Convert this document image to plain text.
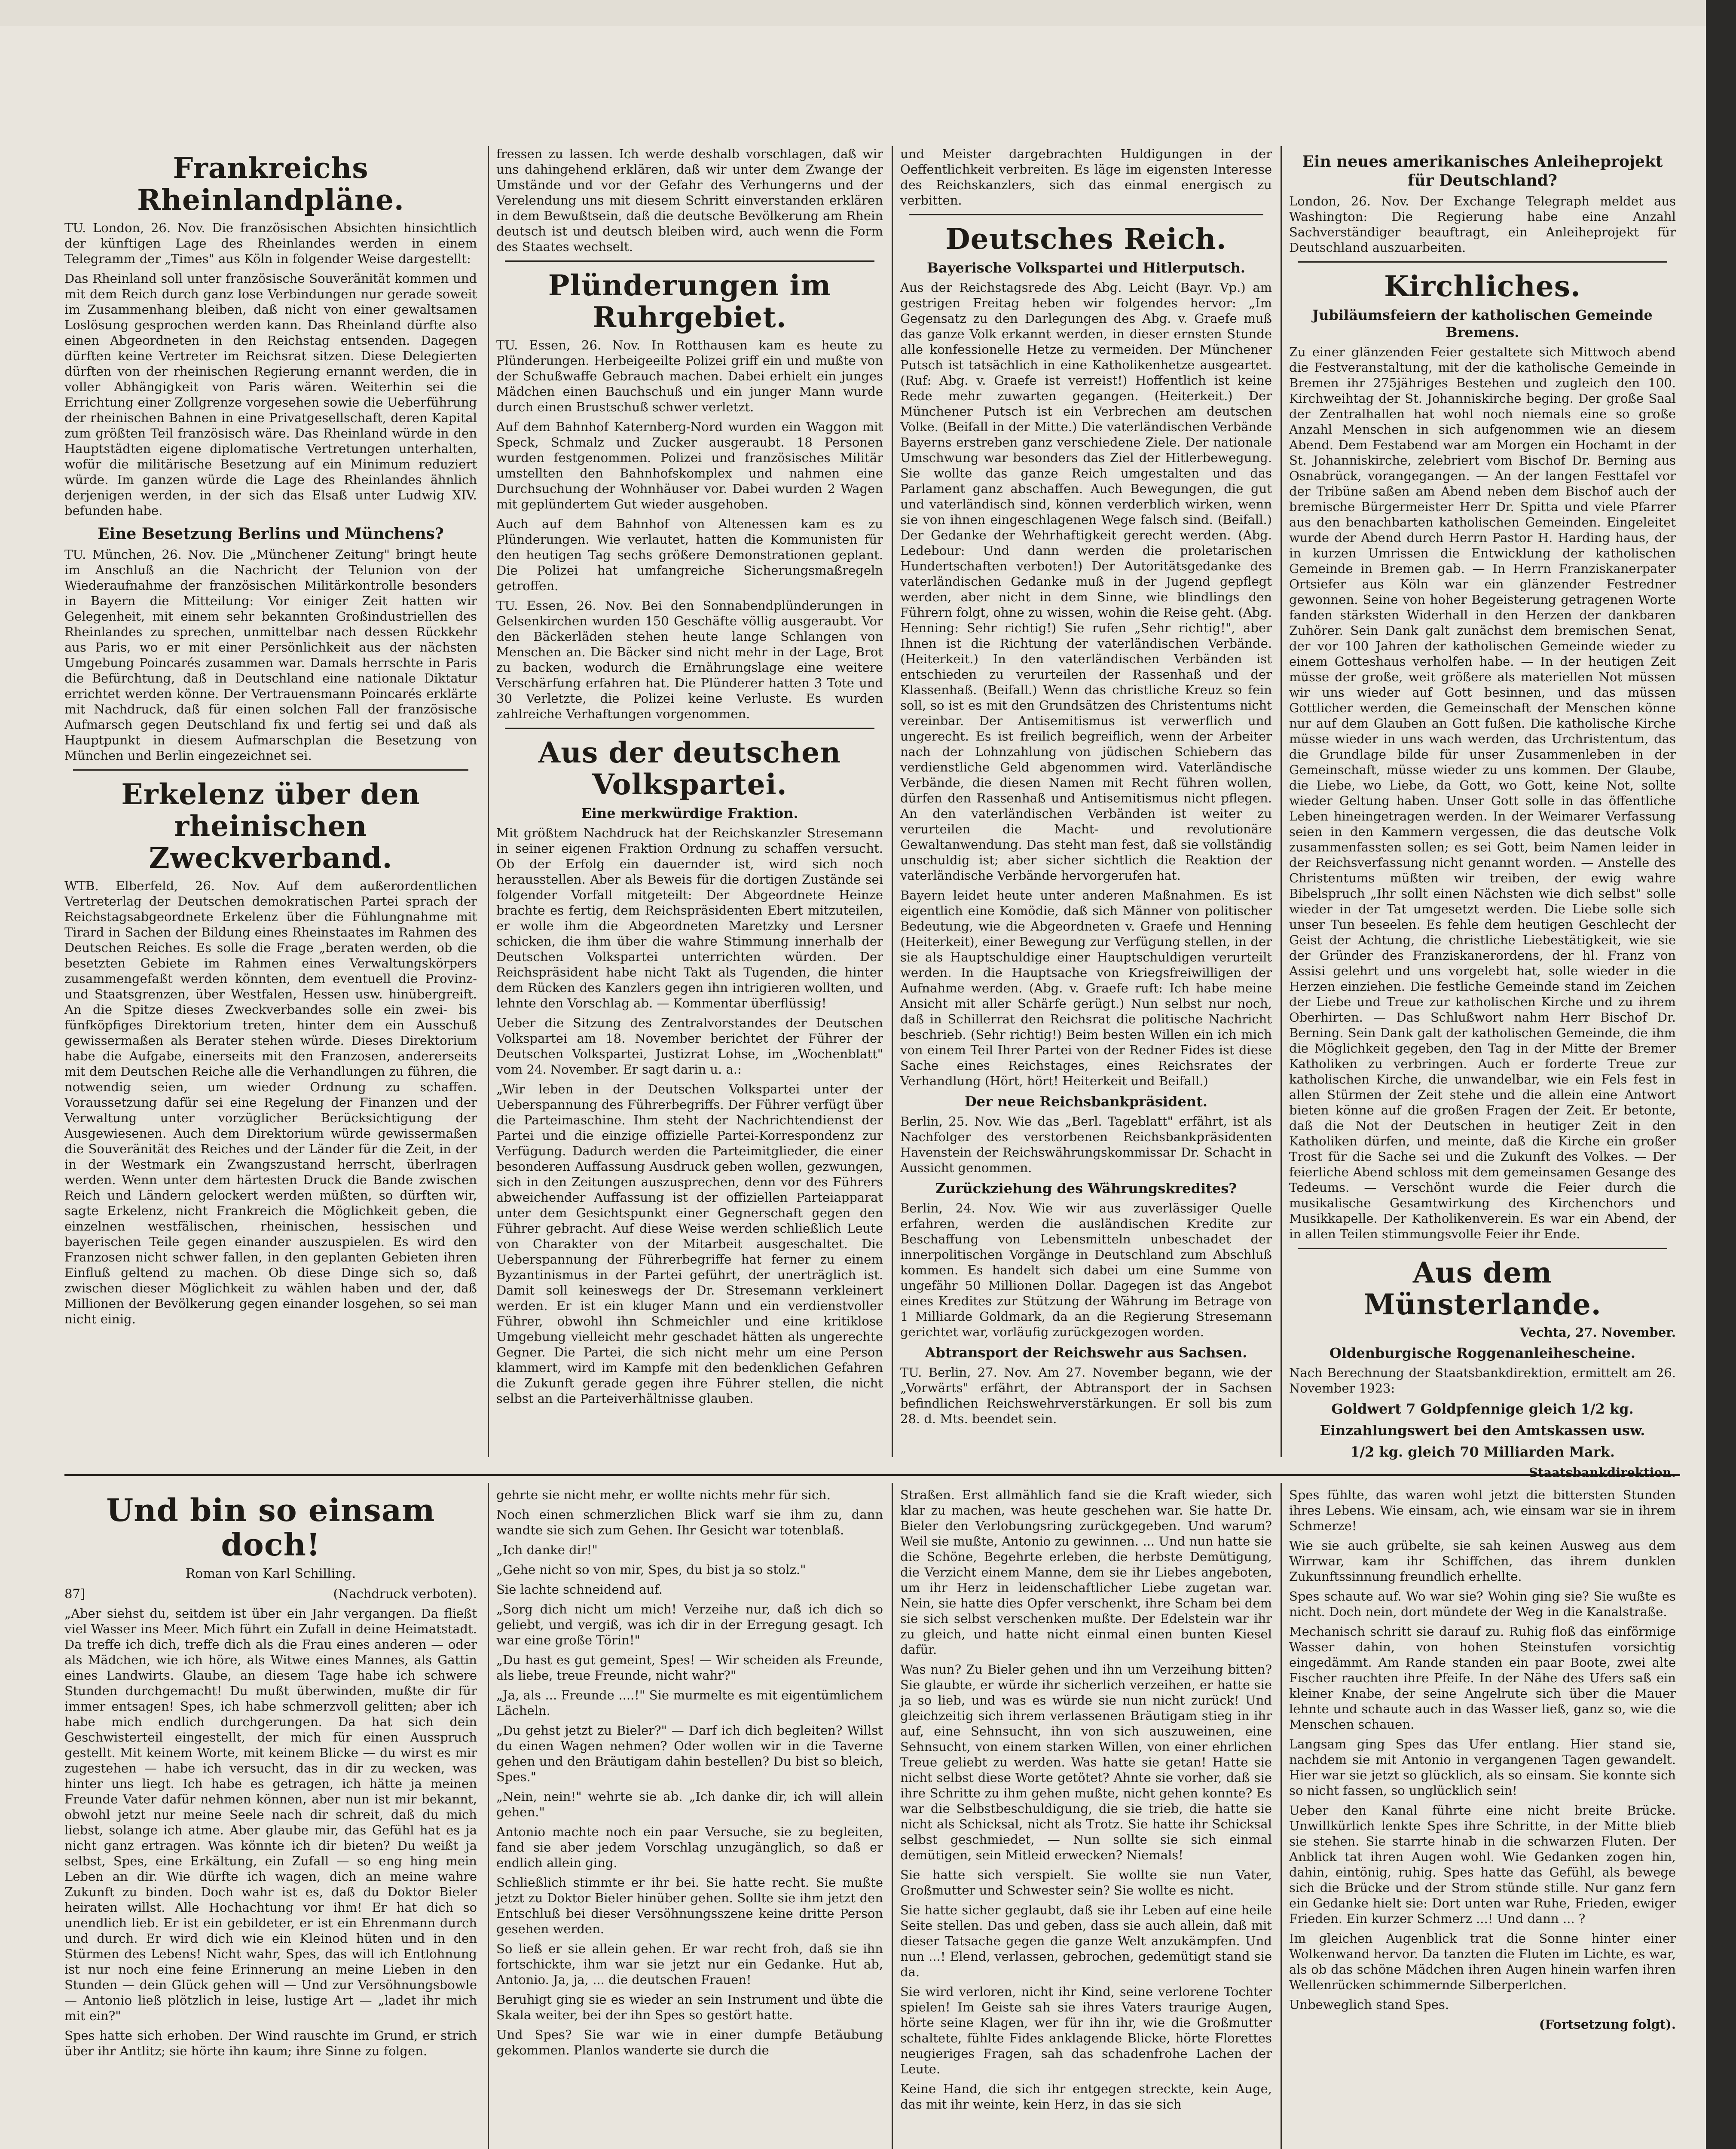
Frankreichs Rheinlandpläne.

TU. London, 26. Nov. Die französischen Absichten hinsichtlich der künftigen Lage des Rheinlandes werden in einem Telegramm der „Times" aus Köln in folgender Weise dargestellt:

Das Rheinland soll unter französische Souveränität kommen und mit dem Reich durch ganz lose Verbindungen nur gerade soweit im Zusammenhang bleiben, daß nicht von einer gewaltsamen Loslösung gesprochen werden kann. Das Rheinland dürfte also einen Abgeordneten in den Reichstag entsenden. Dagegen dürften keine Vertreter im Reichsrat sitzen. Diese Delegierten dürften von der rheinischen Regierung ernannt werden, die in voller Abhängigkeit von Paris wären. Weiterhin sei die Errichtung einer Zollgrenze vorgesehen sowie die Ueberführung der rheinischen Bahnen in eine Privatgesellschaft, deren Kapital zum größten Teil französisch wäre. Das Rheinland würde in den Hauptstädten eigene diplomatische Vertretungen unterhalten, wofür die militärische Besetzung auf ein Minimum reduziert würde. Im ganzen würde die Lage des Rheinlandes ähnlich derjenigen werden, in der sich das Elsaß unter Ludwig XIV. befunden habe.

Eine Besetzung Berlins und Münchens?

TU. München, 26. Nov. Die „Münchener Zeitung" bringt heute im Anschluß an die Nachricht der Telunion von der Wiederaufnahme der französischen Militärkontrolle besonders in Bayern die Mitteilung: Vor einiger Zeit hatten wir Gelegenheit, mit einem sehr bekannten Großindustriellen des Rheinlandes zu sprechen, unmittelbar nach dessen Rückkehr aus Paris, wo er mit einer Persönlichkeit aus der nächsten Umgebung Poincarés zusammen war. Damals herrschte in Paris die Befürchtung, daß in Deutschland eine nationale Diktatur errichtet werden könne. Der Vertrauensmann Poincarés erklärte mit Nachdruck, daß für einen solchen Fall der französische Aufmarsch gegen Deutschland fix und fertig sei und daß als Hauptpunkt in diesem Aufmarschplan die Besetzung von München und Berlin eingezeichnet sei.

Erkelenz über den rheinischen Zweckverband.

WTB. Elberfeld, 26. Nov. Auf dem außerordentlichen Vertreterlag der Deutschen demokratischen Partei sprach der Reichstagsabgeordnete Erkelenz über die Fühlungnahme mit Tirard in Sachen der Bildung eines Rheinstaates im Rahmen des Deutschen Reiches. Es solle die Frage „beraten werden, ob die besetzten Gebiete im Rahmen eines Verwaltungskörpers zusammengefaßt werden könnten, dem eventuell die Provinz- und Staatsgrenzen, über Westfalen, Hessen usw. hinübergreift. An die Spitze dieses Zweckverbandes solle ein zwei- bis fünfköpfiges Direktorium treten, hinter dem ein Ausschuß gewissermaßen als Berater stehen würde. Dieses Direktorium habe die Aufgabe, einerseits mit den Franzosen, andererseits mit dem Deutschen Reiche alle die Verhandlungen zu führen, die notwendig seien, um wieder Ordnung zu schaffen. Voraussetzung dafür sei eine Regelung der Finanzen und der Verwaltung unter vorzüglicher Berücksichtigung der Ausgewiesenen. Auch dem Direktorium würde gewissermaßen die Souveränität des Reiches und der Länder für die Zeit, in der in der Westmark ein Zwangszustand herrscht, überlragen werden. Wenn unter dem härtesten Druck die Bande zwischen Reich und Ländern gelockert werden müßten, so dürften wir, sagte Erkelenz, nicht Frankreich die Möglichkeit geben, die einzelnen westfälischen, rheinischen, hessischen und bayerischen Teile gegen einander auszuspielen. Es wird den Franzosen nicht schwer fallen, in den geplanten Gebieten ihren Einfluß geltend zu machen. Ob diese Dinge sich so, daß zwischen dieser Möglichkeit zu wählen haben und der, daß Millionen der Bevölkerung gegen einander losgehen, so sei man nicht einig.

fressen zu lassen. Ich werde deshalb vorschlagen, daß wir uns dahingehend erklären, daß wir unter dem Zwange der Umstände und vor der Gefahr des Verhungerns und der Verelendung uns mit diesem Schritt einverstanden erklären in dem Bewußtsein, daß die deutsche Bevölkerung am Rhein deutsch ist und deutsch bleiben wird, auch wenn die Form des Staates wechselt.

Plünderungen im Ruhrgebiet.

TU. Essen, 26. Nov. In Rotthausen kam es heute zu Plünderungen. Herbeigeeilte Polizei griff ein und mußte von der Schußwaffe Gebrauch machen. Dabei erhielt ein junges Mädchen einen Bauchschuß und ein junger Mann wurde durch einen Brustschuß schwer verletzt.

Auf dem Bahnhof Katernberg-Nord wurden ein Waggon mit Speck, Schmalz und Zucker ausgeraubt. 18 Personen wurden festgenommen. Polizei und französisches Militär umstellten den Bahnhofskomplex und nahmen eine Durchsuchung der Wohnhäuser vor. Dabei wurden 2 Wagen mit geplündertem Gut wieder ausgehoben.

Auch auf dem Bahnhof von Altenessen kam es zu Plünderungen. Wie verlautet, hatten die Kommunisten für den heutigen Tag sechs größere Demonstrationen geplant. Die Polizei hat umfangreiche Sicherungsmaßregeln getroffen.

TU. Essen, 26. Nov. Bei den Sonnabendplünderungen in Gelsenkirchen wurden 150 Geschäfte völlig ausgeraubt. Vor den Bäckerläden stehen heute lange Schlangen von Menschen an. Die Bäcker sind nicht mehr in der Lage, Brot zu backen, wodurch die Ernährungslage eine weitere Verschärfung erfahren hat. Die Plünderer hatten 3 Tote und 30 Verletzte, die Polizei keine Verluste. Es wurden zahlreiche Verhaftungen vorgenommen.

Aus der deutschen Volkspartei.
Eine merkwürdige Fraktion.

Mit größtem Nachdruck hat der Reichskanzler Stresemann in seiner eigenen Fraktion Ordnung zu schaffen versucht. Ob der Erfolg ein dauernder ist, wird sich noch herausstellen. Aber als Beweis für die dortigen Zustände sei folgender Vorfall mitgeteilt: Der Abgeordnete Heinze brachte es fertig, dem Reichspräsidenten Ebert mitzuteilen, er wolle ihm die Abgeordneten Maretzky und Lersner schicken, die ihm über die wahre Stimmung innerhalb der Deutschen Volkspartei unterrichten würden. Der Reichspräsident habe nicht Takt als Tugenden, die hinter dem Rücken des Kanzlers gegen ihn intrigieren wollten, und lehnte den Vorschlag ab. — Kommentar überflüssig!

Ueber die Sitzung des Zentralvorstandes der Deutschen Volkspartei am 18. November berichtet der Führer der Deutschen Volkspartei, Justizrat Lohse, im „Wochenblatt" vom 24. November. Er sagt darin u. a.:

„Wir leben in der Deutschen Volkspartei unter der Ueberspannung des Führerbegriffs. Der Führer verfügt über die Parteimaschine. Ihm steht der Nachrichtendienst der Partei und die einzige offizielle Partei-Korrespondenz zur Verfügung. Dadurch werden die Parteimitglieder, die einer besonderen Auffassung Ausdruck geben wollen, gezwungen, sich in den Zeitungen auszusprechen, denn vor des Führers abweichender Auffassung ist der offiziellen Parteiapparat unter dem Gesichtspunkt einer Gegnerschaft gegen den Führer gebracht. Auf diese Weise werden schließlich Leute von Charakter von der Mitarbeit ausgeschaltet. Die Ueberspannung der Führerbegriffe hat ferner zu einem Byzantinismus in der Partei geführt, der unerträglich ist. Damit soll keineswegs der Dr. Stresemann verkleinert werden. Er ist ein kluger Mann und ein verdienstvoller Führer, obwohl ihn Schmeichler und eine kritiklose Umgebung vielleicht mehr geschadet hätten als ungerechte Gegner. Die Partei, die sich nicht mehr um eine Person klammert, wird im Kampfe mit den bedenklichen Gefahren die Zukunft gerade gegen ihre Führer stellen, die nicht selbst an die Parteiverhältnisse glauben.

und Meister dargebrachten Huldigungen in der Oeffentlichkeit verbreiten. Es läge im eigensten Interesse des Reichskanzlers, sich das einmal energisch zu verbitten.

Deutsches Reich.
Bayerische Volkspartei und Hitlerputsch.

Aus der Reichstagsrede des Abg. Leicht (Bayr. Vp.) am gestrigen Freitag heben wir folgendes hervor: „Im Gegensatz zu den Darlegungen des Abg. v. Graefe muß das ganze Volk erkannt werden, in dieser ernsten Stunde alle konfessionelle Hetze zu vermeiden. Der Münchener Putsch ist tatsächlich in eine Katholikenhetze ausgeartet. (Ruf: Abg. v. Graefe ist verreist!) Hoffentlich ist keine Rede mehr zuwarten gegangen. (Heiterkeit.) Der Münchener Putsch ist ein Verbrechen am deutschen Volke. (Beifall in der Mitte.) Die vaterländischen Verbände Bayerns erstreben ganz verschiedene Ziele. Der nationale Umschwung war besonders das Ziel der Hitlerbewegung. Sie wollte das ganze Reich umgestalten und das Parlament ganz abschaffen. Auch Bewegungen, die gut und vaterländisch sind, können verderblich wirken, wenn sie von ihnen eingeschlagenen Wege falsch sind. (Beifall.) Der Gedanke der Wehrhaftigkeit gerecht werden. (Abg. Ledebour: Und dann werden die proletarischen Hundertschaften verboten!) Der Autoritätsgedanke des vaterländischen Gedanke muß in der Jugend gepflegt werden, aber nicht in dem Sinne, wie blindlings den Führern folgt, ohne zu wissen, wohin die Reise geht. (Abg. Henning: Sehr richtig!) Sie rufen „Sehr richtig!", aber Ihnen ist die Richtung der vaterländischen Verbände. (Heiterkeit.) In den vaterländischen Verbänden ist entschieden zu verurteilen der Rassenhaß und der Klassenhaß. (Beifall.) Wenn das christliche Kreuz so fein soll, so ist es mit den Grundsätzen des Christentums nicht vereinbar. Der Antisemitismus ist verwerflich und ungerecht. Es ist freilich begreiflich, wenn der Arbeiter nach der Lohnzahlung von jüdischen Schiebern das verdienstliche Geld abgenommen wird. Vaterländische Verbände, die diesen Namen mit Recht führen wollen, dürfen den Rassenhaß und Antisemitismus nicht pflegen. An den vaterländischen Verbänden ist weiter zu verurteilen die Macht- und revolutionäre Gewaltanwendung. Das steht man fest, daß sie vollständig unschuldig ist; aber sicher sichtlich die Reaktion der vaterländische Verbände hervorgerufen hat.

Bayern leidet heute unter anderen Maßnahmen. Es ist eigentlich eine Komödie, daß sich Männer von politischer Bedeutung, wie die Abgeordneten v. Graefe und Henning (Heiterkeit), einer Bewegung zur Verfügung stellen, in der sie als Hauptschuldige einer Hauptschuldigen verurteilt werden. In die Hauptsache von Kriegsfreiwilligen der Aufnahme werden. (Abg. v. Graefe ruft: Ich habe meine Ansicht mit aller Schärfe gerügt.) Nun selbst nur noch, daß in Schillerrat den Reichsrat die politische Nachricht beschrieb. (Sehr richtig!) Beim besten Willen ein ich mich von einem Teil Ihrer Partei von der Redner Fides ist diese Sache eines Reichstages, eines Reichsrates der Verhandlung (Hört, hört! Heiterkeit und Beifall.)

Der neue Reichsbankpräsident.

Berlin, 25. Nov. Wie das „Berl. Tageblatt" erfährt, ist als Nachfolger des verstorbenen Reichsbankpräsidenten Havenstein der Reichswährungskommissar Dr. Schacht in Aussicht genommen.

Zurückziehung des Währungskredites?

Berlin, 24. Nov. Wie wir aus zuverlässiger Quelle erfahren, werden die ausländischen Kredite zur Beschaffung von Lebensmitteln unbeschadet der innerpolitischen Vorgänge in Deutschland zum Abschluß kommen. Es handelt sich dabei um eine Summe von ungefähr 50 Millionen Dollar. Dagegen ist das Angebot eines Kredites zur Stützung der Währung im Betrage von 1 Milliarde Goldmark, da an die Regierung Stresemann gerichtet war, vorläufig zurückgezogen worden.

Abtransport der Reichswehr aus Sachsen.

TU. Berlin, 27. Nov. Am 27. November begann, wie der „Vorwärts" erfährt, der Abtransport der in Sachsen befindlichen Reichswehrverstärkungen. Er soll bis zum 28. d. Mts. beendet sein.

Ein neues amerikanisches Anleiheprojekt für Deutschland?

London, 26. Nov. Der Exchange Telegraph meldet aus Washington: Die Regierung habe eine Anzahl Sachverständiger beauftragt, ein Anleiheprojekt für Deutschland auszuarbeiten.

Kirchliches.
Jubiläumsfeiern der katholischen Gemeinde Bremens.

Zu einer glänzenden Feier gestaltete sich Mittwoch abend die Festveranstaltung, mit der die katholische Gemeinde in Bremen ihr 275jähriges Bestehen und zugleich den 100. Kirchweihtag der St. Johanniskirche beging. Der große Saal der Zentralhallen hat wohl noch niemals eine so große Anzahl Menschen in sich aufgenommen wie an diesem Abend. Dem Festabend war am Morgen ein Hochamt in der St. Johanniskirche, zelebriert vom Bischof Dr. Berning aus Osnabrück, vorangegangen. — An der langen Festtafel vor der Tribüne saßen am Abend neben dem Bischof auch der bremische Bürgermeister Herr Dr. Spitta und viele Pfarrer aus den benachbarten katholischen Gemeinden. Eingeleitet wurde der Abend durch Herrn Pastor H. Harding haus, der in kurzen Umrissen die Entwicklung der katholischen Gemeinde in Bremen gab. — In Herrn Franziskanerpater Ortsiefer aus Köln war ein glänzender Festredner gewonnen. Seine von hoher Begeisterung getragenen Worte fanden stärksten Widerhall in den Herzen der dankbaren Zuhörer. Sein Dank galt zunächst dem bremischen Senat, der vor 100 Jahren der katholischen Gemeinde wieder zu einem Gotteshaus verholfen habe. — In der heutigen Zeit müsse der große, weit größere als materiellen Not müssen wir uns wieder auf Gott besinnen, und das müssen Gottlicher werden, die Gemeinschaft der Menschen könne nur auf dem Glauben an Gott fußen. Die katholische Kirche müsse wieder in uns wach werden, das Urchristentum, das die Grundlage bilde für unser Zusammenleben in der Gemeinschaft, müsse wieder zu uns kommen. Der Glaube, die Liebe, wo Liebe, da Gott, wo Gott, keine Not, sollte wieder Geltung haben. Unser Gott solle in das öffentliche Leben hineingetragen werden. In der Weimarer Verfassung seien in den Kammern vergessen, die das deutsche Volk zusammenfassten sollen; es sei Gott, beim Namen leider in der Reichsverfassung nicht genannt worden. — Anstelle des Christentums müßten wir treiben, der ewig wahre Bibelspruch „Ihr sollt einen Nächsten wie dich selbst" solle wieder in der Tat umgesetzt werden. Die Liebe solle sich unser Tun beseelen. Es fehle dem heutigen Geschlecht der Geist der Achtung, die christliche Liebestätigkeit, wie sie der Gründer des Franziskanerordens, der hl. Franz von Assisi gelehrt und uns vorgelebt hat, solle wieder in die Herzen einziehen. Die festliche Gemeinde stand im Zeichen der Liebe und Treue zur katholischen Kirche und zu ihrem Oberhirten. — Das Schlußwort nahm Herr Bischof Dr. Berning. Sein Dank galt der katholischen Gemeinde, die ihm die Möglichkeit gegeben, den Tag in der Mitte der Bremer Katholiken zu verbringen. Auch er forderte Treue zur katholischen Kirche, die unwandelbar, wie ein Fels fest in allen Stürmen der Zeit stehe und die allein eine Antwort bieten könne auf die großen Fragen der Zeit. Er betonte, daß die Not der Deutschen in heutiger Zeit in den Katholiken dürfen, und meinte, daß die Kirche ein großer Trost für die Sache sei und die Zukunft des Volkes. — Der feierliche Abend schloss mit dem gemeinsamen Gesange des Tedeums. — Verschönt wurde die Feier durch die musikalische Gesamtwirkung des Kirchenchors und Musikkapelle. Der Katholikenverein. Es war ein Abend, der in allen Teilen stimmungsvolle Feier ihr Ende.

Aus dem Münsterlande.

Vechta, 27. November.

Oldenburgische Roggenanleihescheine.

Nach Berechnung der Staatsbankdirektion, ermittelt am 26. November 1923:

Goldwert 7 Goldpfennige gleich 1/2 kg.

Einzahlungswert bei den Amtskassen usw.

1/2 kg. gleich 70 Milliarden Mark.

Staatsbankdirektion.

Und bin so einsam doch!

Roman von Karl Schilling.

87]	(Nachdruck verboten).

„Aber siehst du, seitdem ist über ein Jahr vergangen. Da fließt viel Wasser ins Meer. Mich führt ein Zufall in deine Heimatstadt. Da treffe ich dich, treffe dich als die Frau eines anderen — oder als Mädchen, wie ich höre, als Witwe eines Mannes, als Gattin eines Landwirts. Glaube, an diesem Tage habe ich schwere Stunden durchgemacht! Du mußt überwinden, mußte dir für immer entsagen! Spes, ich habe schmerzvoll gelitten; aber ich habe mich endlich durchgerungen. Da hat sich dein Geschwisterteil eingestellt, der mich für einen Ausspruch gestellt. Mit keinem Worte, mit keinem Blicke — du wirst es mir zugestehen — habe ich versucht, das in dir zu wecken, was hinter uns liegt. Ich habe es getragen, ich hätte ja meinen Freunde Vater dafür nehmen können, aber nun ist mir bekannt, obwohl jetzt nur meine Seele nach dir schreit, daß du mich liebst, solange ich atme. Aber glaube mir, das Gefühl hat es ja nicht ganz ertragen. Was könnte ich dir bieten? Du weißt ja selbst, Spes, eine Erkältung, ein Zufall — so eng hing mein Leben an dir. Wie dürfte ich wagen, dich an meine wahre Zukunft zu binden. Doch wahr ist es, daß du Doktor Bieler heiraten willst. Alle Hochachtung vor ihm! Er hat dich so unendlich lieb. Er ist ein gebildeter, er ist ein Ehrenmann durch und durch. Er wird dich wie ein Kleinod hüten und in den Stürmen des Lebens! Nicht wahr, Spes, das will ich Entlohnung ist nur noch eine feine Erinnerung an meine Lieben in den Stunden — dein Glück gehen will — Und zur Versöhnungsbowle — Antonio ließ plötzlich in leise, lustige Art — „ladet ihr mich mit ein?"

Spes hatte sich erhoben. Der Wind rauschte im Grund, er strich über ihr Antlitz; sie hörte ihn kaum; ihre Sinne zu folgen.

gehrte sie nicht mehr, er wollte nichts mehr für sich.

Noch einen schmerzlichen Blick warf sie ihm zu, dann wandte sie sich zum Gehen. Ihr Gesicht war totenblaß.

„Ich danke dir!"

„Gehe nicht so von mir, Spes, du bist ja so stolz."

Sie lachte schneidend auf.

„Sorg dich nicht um mich! Verzeihe nur, daß ich dich so geliebt, und vergiß, was ich dir in der Erregung gesagt. Ich war eine große Törin!"

„Du hast es gut gemeint, Spes! — Wir scheiden als Freunde, als liebe, treue Freunde, nicht wahr?"

„Ja, als ... Freunde ....!" Sie murmelte es mit eigentümlichem Lächeln.

„Du gehst jetzt zu Bieler?" — Darf ich dich begleiten? Willst du einen Wagen nehmen? Oder wollen wir in die Taverne gehen und den Bräutigam dahin bestellen? Du bist so bleich, Spes."

„Nein, nein!" wehrte sie ab. „Ich danke dir, ich will allein gehen."

Antonio machte noch ein paar Versuche, sie zu begleiten, fand sie aber jedem Vorschlag unzugänglich, so daß er endlich allein ging.

Schließlich stimmte er ihr bei. Sie hatte recht. Sie mußte jetzt zu Doktor Bieler hinüber gehen. Sollte sie ihm jetzt den Entschluß bei dieser Versöhnungsszene keine dritte Person gesehen werden.

So ließ er sie allein gehen. Er war recht froh, daß sie ihn fortschickte, ihm war sie jetzt nur ein Gedanke. Hut ab, Antonio. Ja, ja, ... die deutschen Frauen!

Beruhigt ging sie es wieder an sein Instrument und übte die Skala weiter, bei der ihn Spes so gestört hatte.

Und Spes? Sie war wie in einer dumpfe Betäubung gekommen. Planlos wanderte sie durch die

Straßen. Erst allmählich fand sie die Kraft wieder, sich klar zu machen, was heute geschehen war. Sie hatte Dr. Bieler den Verlobungsring zurückgegeben. Und warum? Weil sie mußte, Antonio zu gewinnen. ... Und nun hatte sie die Schöne, Begehrte erleben, die herbste Demütigung, die Verzicht einem Manne, dem sie ihr Liebes angeboten, um ihr Herz in leidenschaftlicher Liebe zugetan war. Nein, sie hatte dies Opfer verschenkt, ihre Scham bei dem sie sich selbst verschenken mußte. Der Edelstein war ihr zu gleich, und hatte nicht einmal einen bunten Kiesel dafür.

Was nun? Zu Bieler gehen und ihn um Verzeihung bitten? Sie glaubte, er würde ihr sicherlich verzeihen, er hatte sie ja so lieb, und was es würde sie nun nicht zurück! Und gleichzeitig sich ihrem verlassenen Bräutigam stieg in ihr auf, eine Sehnsucht, ihn von sich auszuweinen, eine Sehnsucht, von einem starken Willen, von einer ehrlichen Treue geliebt zu werden. Was hatte sie getan! Hatte sie nicht selbst diese Worte getötet? Ahnte sie vorher, daß sie ihre Schritte zu ihm gehen mußte, nicht gehen konnte? Es war die Selbstbeschuldigung, die sie trieb, die hatte sie nicht als Schicksal, nicht als Trotz. Sie hatte ihr Schicksal selbst geschmiedet, — Nun sollte sie sich einmal demütigen, sein Mitleid erwecken? Niemals!

Sie hatte sich verspielt. Sie wollte sie nun Vater, Großmutter und Schwester sein? Sie wollte es nicht.

Sie hatte sicher geglaubt, daß sie ihr Leben auf eine heile Seite stellen. Das und geben, dass sie auch allein, daß mit dieser Tatsache gegen die ganze Welt anzukämpfen. Und nun ...! Elend, verlassen, gebrochen, gedemütigt stand sie da.

Sie wird verloren, nicht ihr Kind, seine verlorene Tochter spielen! Im Geiste sah sie ihres Vaters traurige Augen, hörte seine Klagen, wer für ihn ihr, wie die Großmutter schaltete, fühlte Fides anklagende Blicke, hörte Florettes neugieriges Fragen, sah das schadenfrohe Lachen der Leute.

Keine Hand, die sich ihr entgegen streckte, kein Auge, das mit ihr weinte, kein Herz, in das sie sich

Spes fühlte, das waren wohl jetzt die bittersten Stunden ihres Lebens. Wie einsam, ach, wie einsam war sie in ihrem Schmerze!

Wie sie auch grübelte, sie sah keinen Ausweg aus dem Wirrwar, kam ihr Schiffchen, das ihrem dunklen Zukunftssinnung freundlich erhellte.

Spes schaute auf. Wo war sie? Wohin ging sie? Sie wußte es nicht. Doch nein, dort mündete der Weg in die Kanalstraße.

Mechanisch schritt sie darauf zu. Ruhig floß das einförmige Wasser dahin, von hohen Steinstufen vorsichtig eingedämmt. Am Rande standen ein paar Boote, zwei alte Fischer rauchten ihre Pfeife. In der Nähe des Ufers saß ein kleiner Knabe, der seine Angelrute sich über die Mauer lehnte und schaute auch in das Wasser ließ, ganz so, wie die Menschen schauen.

Langsam ging Spes das Ufer entlang. Hier stand sie, nachdem sie mit Antonio in vergangenen Tagen gewandelt. Hier war sie jetzt so glücklich, als so einsam. Sie konnte sich so nicht fassen, so unglücklich sein!

Ueber den Kanal führte eine nicht breite Brücke. Unwillkürlich lenkte Spes ihre Schritte, in der Mitte blieb sie stehen. Sie starrte hinab in die schwarzen Fluten. Der Anblick tat ihren Augen wohl. Wie Gedanken zogen hin, dahin, eintönig, ruhig. Spes hatte das Gefühl, als bewege sich die Brücke und der Strom stünde stille. Nur ganz fern ein Gedanke hielt sie: Dort unten war Ruhe, Frieden, ewiger Frieden. Ein kurzer Schmerz ...! Und dann ... ?

Im gleichen Augenblick trat die Sonne hinter einer Wolkenwand hervor. Da tanzten die Fluten im Lichte, es war, als ob das schöne Mädchen ihren Augen hinein warfen ihren Wellenrücken schimmernde Silberperlchen.

Unbeweglich stand Spes.

(Fortsetzung folgt).
